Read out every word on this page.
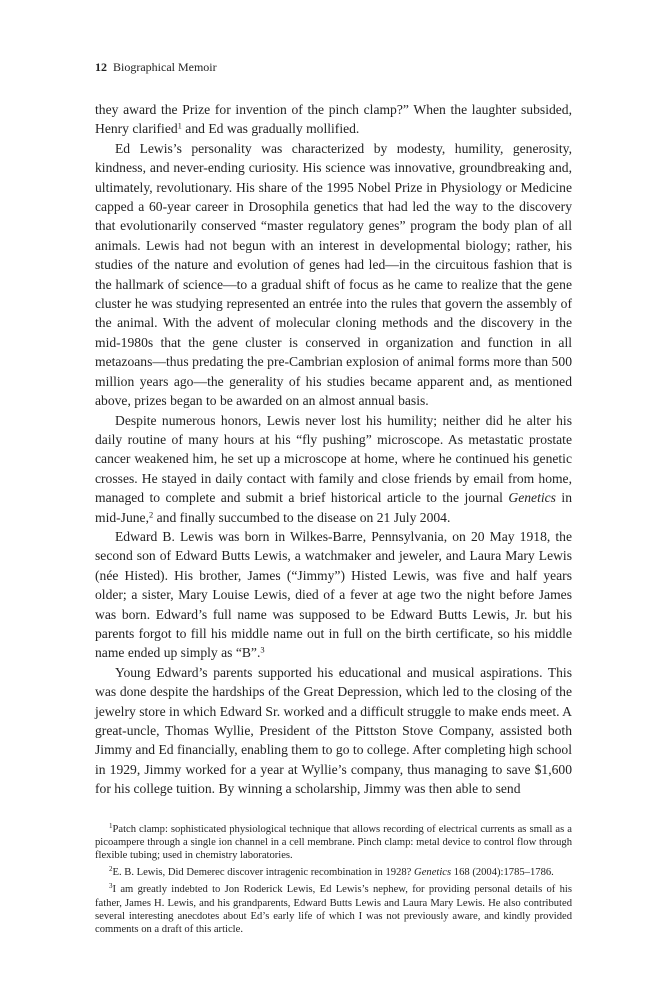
12 Biographical Memoir

they award the Prize for invention of the pinch clamp?” When the laughter subsided, Henry clarified$^1$ and Ed was gradually mollified.

Ed Lewis’s personality was characterized by modesty, humility, generosity, kindness, and never-ending curiosity. His science was innovative, groundbreaking and, ultimately, revolutionary. His share of the 1995 Nobel Prize in Physiology or Medicine capped a 60-year career in Drosophila genetics that had led the way to the discovery that evolutionarily conserved “master regulatory genes” program the body plan of all animals. Lewis had not begun with an interest in developmental biology; rather, his studies of the nature and evolution of genes had led—in the circuitous fashion that is the hallmark of science—to a gradual shift of focus as he came to realize that the gene cluster he was studying represented an entrée into the rules that govern the assembly of the animal. With the advent of molecular cloning methods and the discovery in the mid-1980s that the gene cluster is conserved in organization and function in all metazoans—thus predating the pre-Cambrian explosion of animal forms more than 500 million years ago—the generality of his studies became apparent and, as mentioned above, prizes began to be awarded on an almost annual basis.

Despite numerous honors, Lewis never lost his humility; neither did he alter his daily routine of many hours at his “fly pushing” microscope. As metastatic prostate cancer weakened him, he set up a microscope at home, where he continued his genetic crosses. He stayed in daily contact with family and close friends by email from home, managed to complete and submit a brief historical article to the journal Genetics in mid-June,$^2$ and finally succumbed to the disease on 21 July 2004.

Edward B. Lewis was born in Wilkes-Barre, Pennsylvania, on 20 May 1918, the second son of Edward Butts Lewis, a watchmaker and jeweler, and Laura Mary Lewis (née Histed). His brother, James (“Jimmy”) Histed Lewis, was five and half years older; a sister, Mary Louise Lewis, died of a fever at age two the night before James was born. Edward’s full name was supposed to be Edward Butts Lewis, Jr. but his parents forgot to fill his middle name out in full on the birth certificate, so his middle name ended up simply as “B”.$^3$

Young Edward’s parents supported his educational and musical aspirations. This was done despite the hardships of the Great Depression, which led to the closing of the jewelry store in which Edward Sr. worked and a difficult struggle to make ends meet. A great-uncle, Thomas Wyllie, President of the Pittston Stove Company, assisted both Jimmy and Ed financially, enabling them to go to college. After completing high school in 1929, Jimmy worked for a year at Wyllie’s company, thus managing to save $1,600 for his college tuition. By winning a scholarship, Jimmy was then able to send

$^1$Patch clamp: sophisticated physiological technique that allows recording of electrical currents as small as a picoampere through a single ion channel in a cell membrane. Pinch clamp: metal device to control flow through flexible tubing; used in chemistry laboratories.

$^2$E. B. Lewis, Did Demerec discover intragenic recombination in 1928? Genetics 168 (2004):1785–1786.

$^3$I am greatly indebted to Jon Roderick Lewis, Ed Lewis’s nephew, for providing personal details of his father, James H. Lewis, and his grandparents, Edward Butts Lewis and Laura Mary Lewis. He also contributed several interesting anecdotes about Ed’s early life of which I was not previously aware, and kindly provided comments on a draft of this article.
